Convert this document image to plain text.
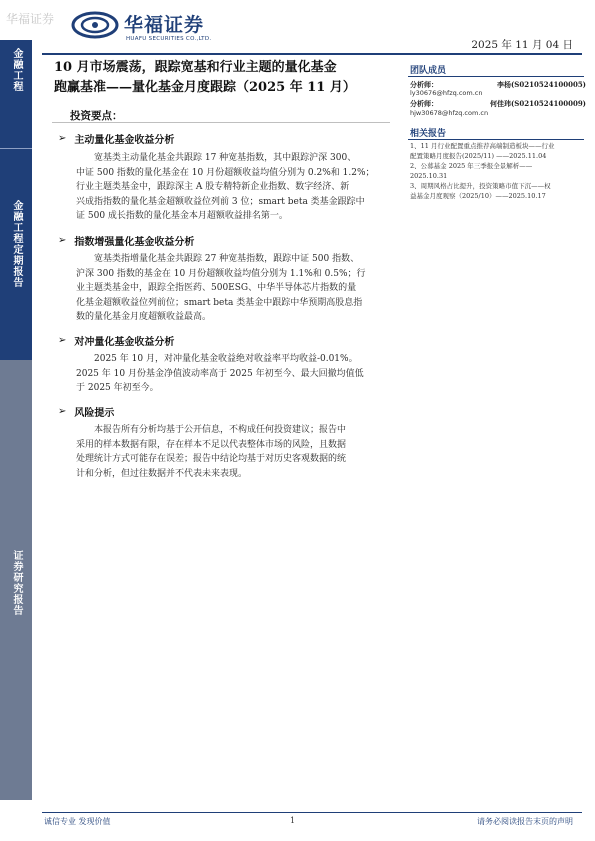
华福证券	华福证券
HUAFU SECURITIES CO.,LTD.	2025 年 11 月 04 日
金融工程
金融工程定期报告
证券研究报告
10 月市场震荡，跟踪宽基和行业主题的量化基金
跑赢基准——量化基金月度跟踪（2025 年 11 月）
投资要点：
➢ 主动量化基金收益分析
宽基类主动量化基金共跟踪 17 种宽基指数，其中跟踪沪深 300、
中证 500 指数的量化基金在 10 月份超额收益均值分别为 0.2%和 1.2%；
行业主题类基金中，跟踪深主 A 股专精特新企业指数、数字经济、新
兴成指指数的量化基金超额收益位列前 3 位；smart beta 类基金跟踪中
证 500 成长指数的量化基金本月超额收益排名第一。
➢ 指数增强量化基金收益分析
宽基类指增量化基金共跟踪 27 种宽基指数，跟踪中证 500 指数、
沪深 300 指数的基金在 10 月份超额收益均值分别为 1.1%和 0.5%；行
业主题类基金中，跟踪全指医药、500ESG、中华半导体芯片指数的量
化基金超额收益位列前位；smart beta 类基金中跟踪中华预期高股息指
数的量化基金月度超额收益最高。
➢ 对冲量化基金收益分析
2025 年 10 月，对冲量化基金收益绝对收益率平均收益-0.01%。
2025 年 10 月份基金净值波动率高于 2025 年初至今、最大回撤均值低
于 2025 年初至今。
➢ 风险提示
本报告所有分析均基于公开信息，不构成任何投资建议；报告中
采用的样本数据有限，存在样本不足以代表整体市场的风险，且数据
处理统计方式可能存在误差；报告中结论均基于对历史客观数据的统
计和分析，但过往数据并不代表未来表现。
团队成员
分析师：	李杨(S0210524100005)
ly30676@hfzq.com.cn
分析师：	何佳玮(S0210524100009)
hjw30678@hfzq.com.cn
相关报告
1、11 月行业配置重点推荐高端制造板块——行业
配置策略月度报告(2025/11) ——2025.11.04
2、公募基金 2025 年三季报全景解析——
2025.10.31
3、周期风格占比提升，投资策略市值下沉——权
益基金月度观察（2025/10）——2025.10.17
诚信专业 发现价值	1	请务必阅读报告末页的声明
